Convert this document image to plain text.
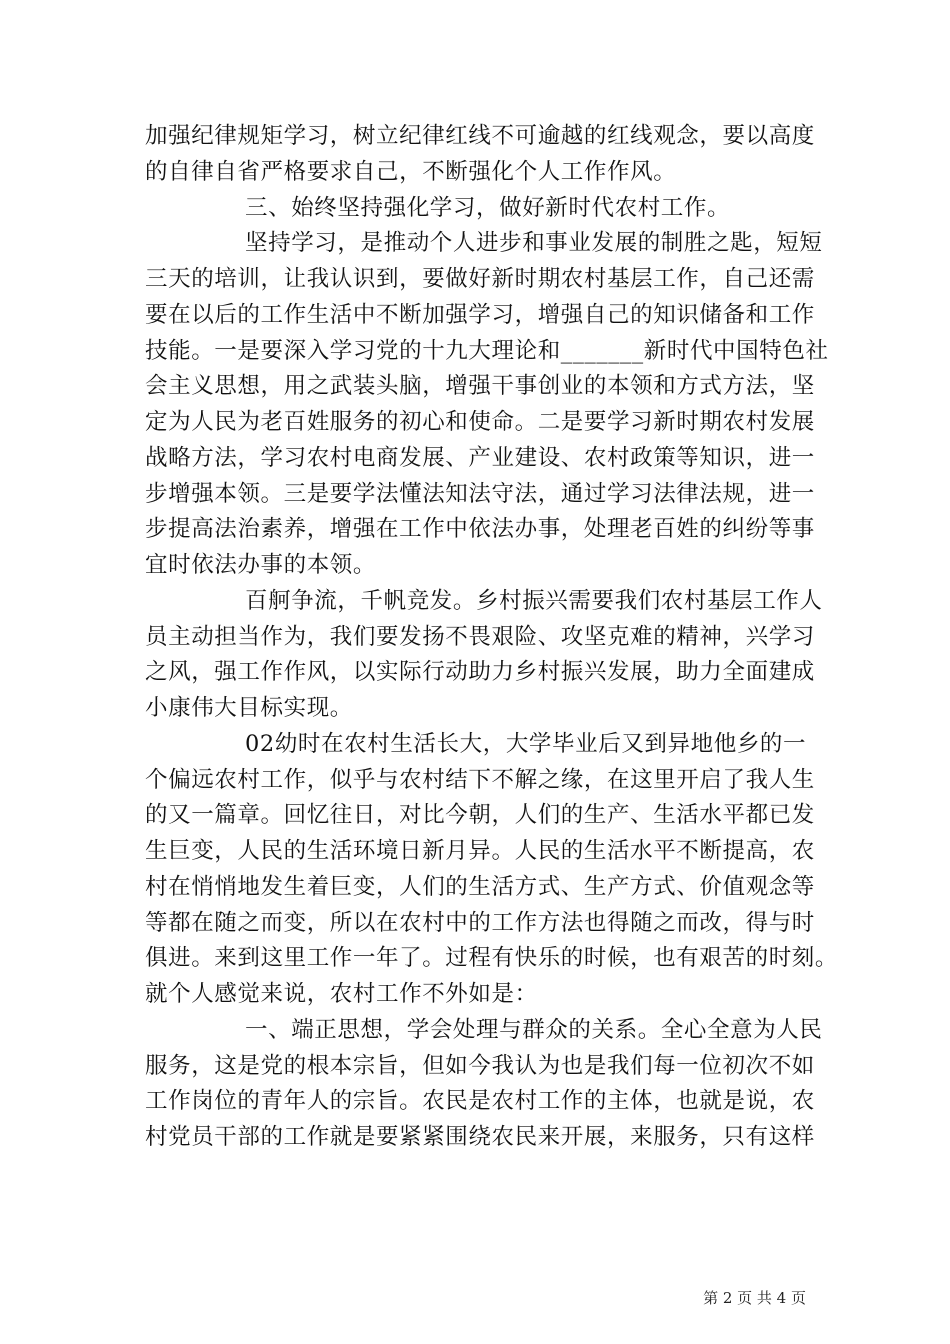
加强纪律规矩学习，树立纪律红线不可逾越的红线观念，要以高度

的自律自省严格要求自己，不断强化个人工作作风。

三、始终坚持强化学习，做好新时代农村工作。

坚持学习，是推动个人进步和事业发展的制胜之匙，短短

三天的培训，让我认识到，要做好新时期农村基层工作，自己还需

要在以后的工作生活中不断加强学习，增强自己的知识储备和工作

技能。一是要深入学习党的十九大理论和_______新时代中国特色社

会主义思想，用之武装头脑，增强干事创业的本领和方式方法，坚

定为人民为老百姓服务的初心和使命。二是要学习新时期农村发展

战略方法，学习农村电商发展、产业建设、农村政策等知识，进一

步增强本领。三是要学法懂法知法守法，通过学习法律法规，进一

步提高法治素养，增强在工作中依法办事，处理老百姓的纠纷等事

宜时依法办事的本领。

百舸争流，千帆竞发。乡村振兴需要我们农村基层工作人

员主动担当作为，我们要发扬不畏艰险、攻坚克难的精神，兴学习

之风，强工作作风，以实际行动助力乡村振兴发展，助力全面建成

小康伟大目标实现。

02幼时在农村生活长大，大学毕业后又到异地他乡的一

个偏远农村工作，似乎与农村结下不解之缘，在这里开启了我人生

的又一篇章。回忆往日，对比今朝，人们的生产、生活水平都已发

生巨变，人民的生活环境日新月异。人民的生活水平不断提高，农

村在悄悄地发生着巨变，人们的生活方式、生产方式、价值观念等

等都在随之而变，所以在农村中的工作方法也得随之而改，得与时

俱进。来到这里工作一年了。过程有快乐的时候，也有艰苦的时刻。

就个人感觉来说，农村工作不外如是：

一、端正思想，学会处理与群众的关系。全心全意为人民

服务，这是党的根本宗旨，但如今我认为也是我们每一位初次不如

工作岗位的青年人的宗旨。农民是农村工作的主体，也就是说，农

村党员干部的工作就是要紧紧围绕农民来开展，来服务，只有这样

第 2 页 共 4 页
